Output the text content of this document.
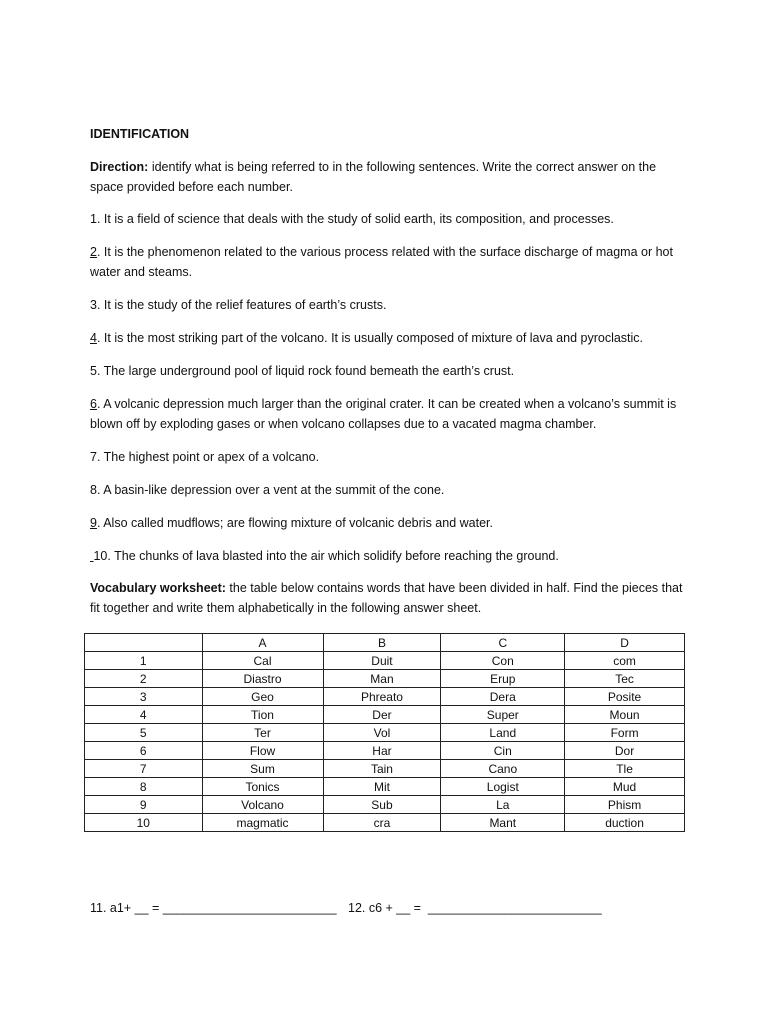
IDENTIFICATION
Direction: identify what is being referred to in the following sentences. Write the correct answer on the space provided before each number.
1. It is a field of science that deals with the study of solid earth, its composition, and processes.
2. It is the phenomenon related to the various process related with the surface discharge of magma or hot water and steams.
3. It is the study of the relief features of earth’s crusts.
4. It is the most striking part of the volcano. It is usually composed of mixture of lava and pyroclastic.
5. The large underground pool of liquid rock found bemeath the earth’s crust.
6. A volcanic depression much larger than the original crater. It can be created when a volcano’s summit is blown off by exploding gases or when volcano collapses due to a vacated magma chamber.
7. The highest point or apex of a volcano.
8. A basin-like depression over a vent at the summit of the cone.
9. Also called mudflows; are flowing mixture of volcanic debris and water.
10. The chunks of lava blasted into the air which solidify before reaching the ground.
Vocabulary worksheet: the table below contains words that have been divided in half. Find the pieces that fit together and write them alphabetically in the following answer sheet.
	A	B	C	D
1	Cal	Duit	Con	com
2	Diastro	Man	Erup	Tec
3	Geo	Phreato	Dera	Posite
4	Tion	Der	Super	Moun
5	Ter	Vol	Land	Form
6	Flow	Har	Cin	Dor
7	Sum	Tain	Cano	Tle
8	Tonics	Mit	Logist	Mud
9	Volcano	Sub	La	Phism
10	magmatic	cra	Mant	duction
11. a1+ __ = _________________________ 12. c6 + __ =  _________________________
